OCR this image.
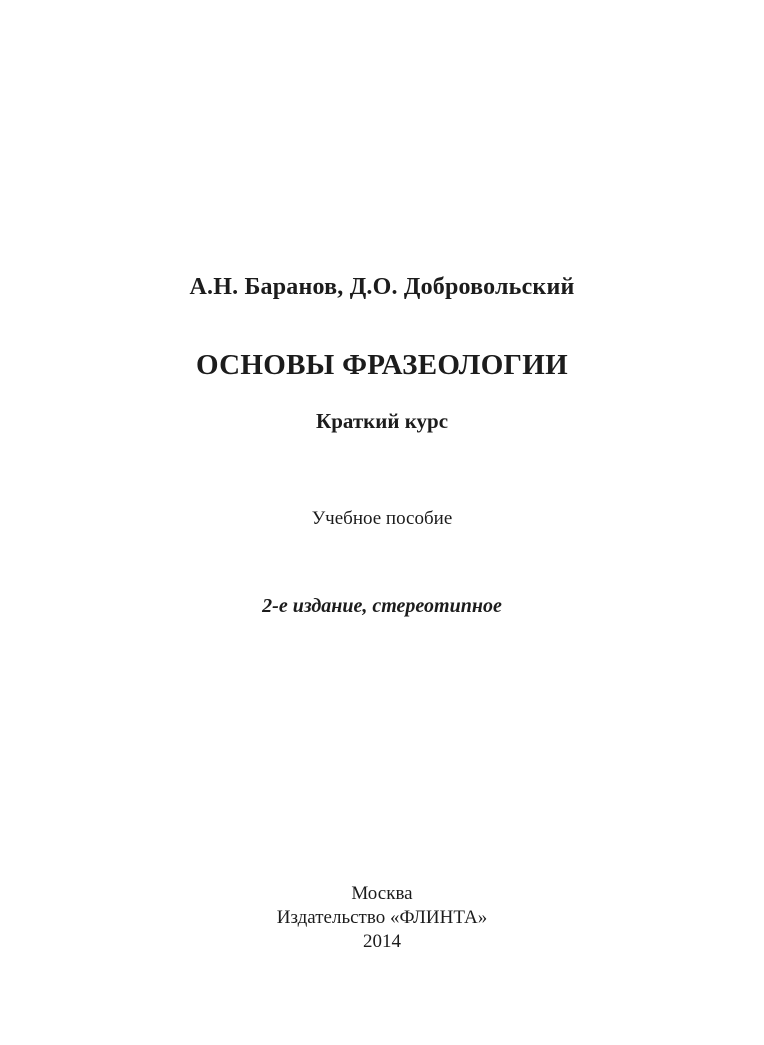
А.Н. Баранов, Д.О. Добровольский
ОСНОВЫ ФРАЗЕОЛОГИИ
Краткий курс
Учебное пособие
2-е издание, стереотипное
Москва
Издательство «ФЛИНТА»
2014
